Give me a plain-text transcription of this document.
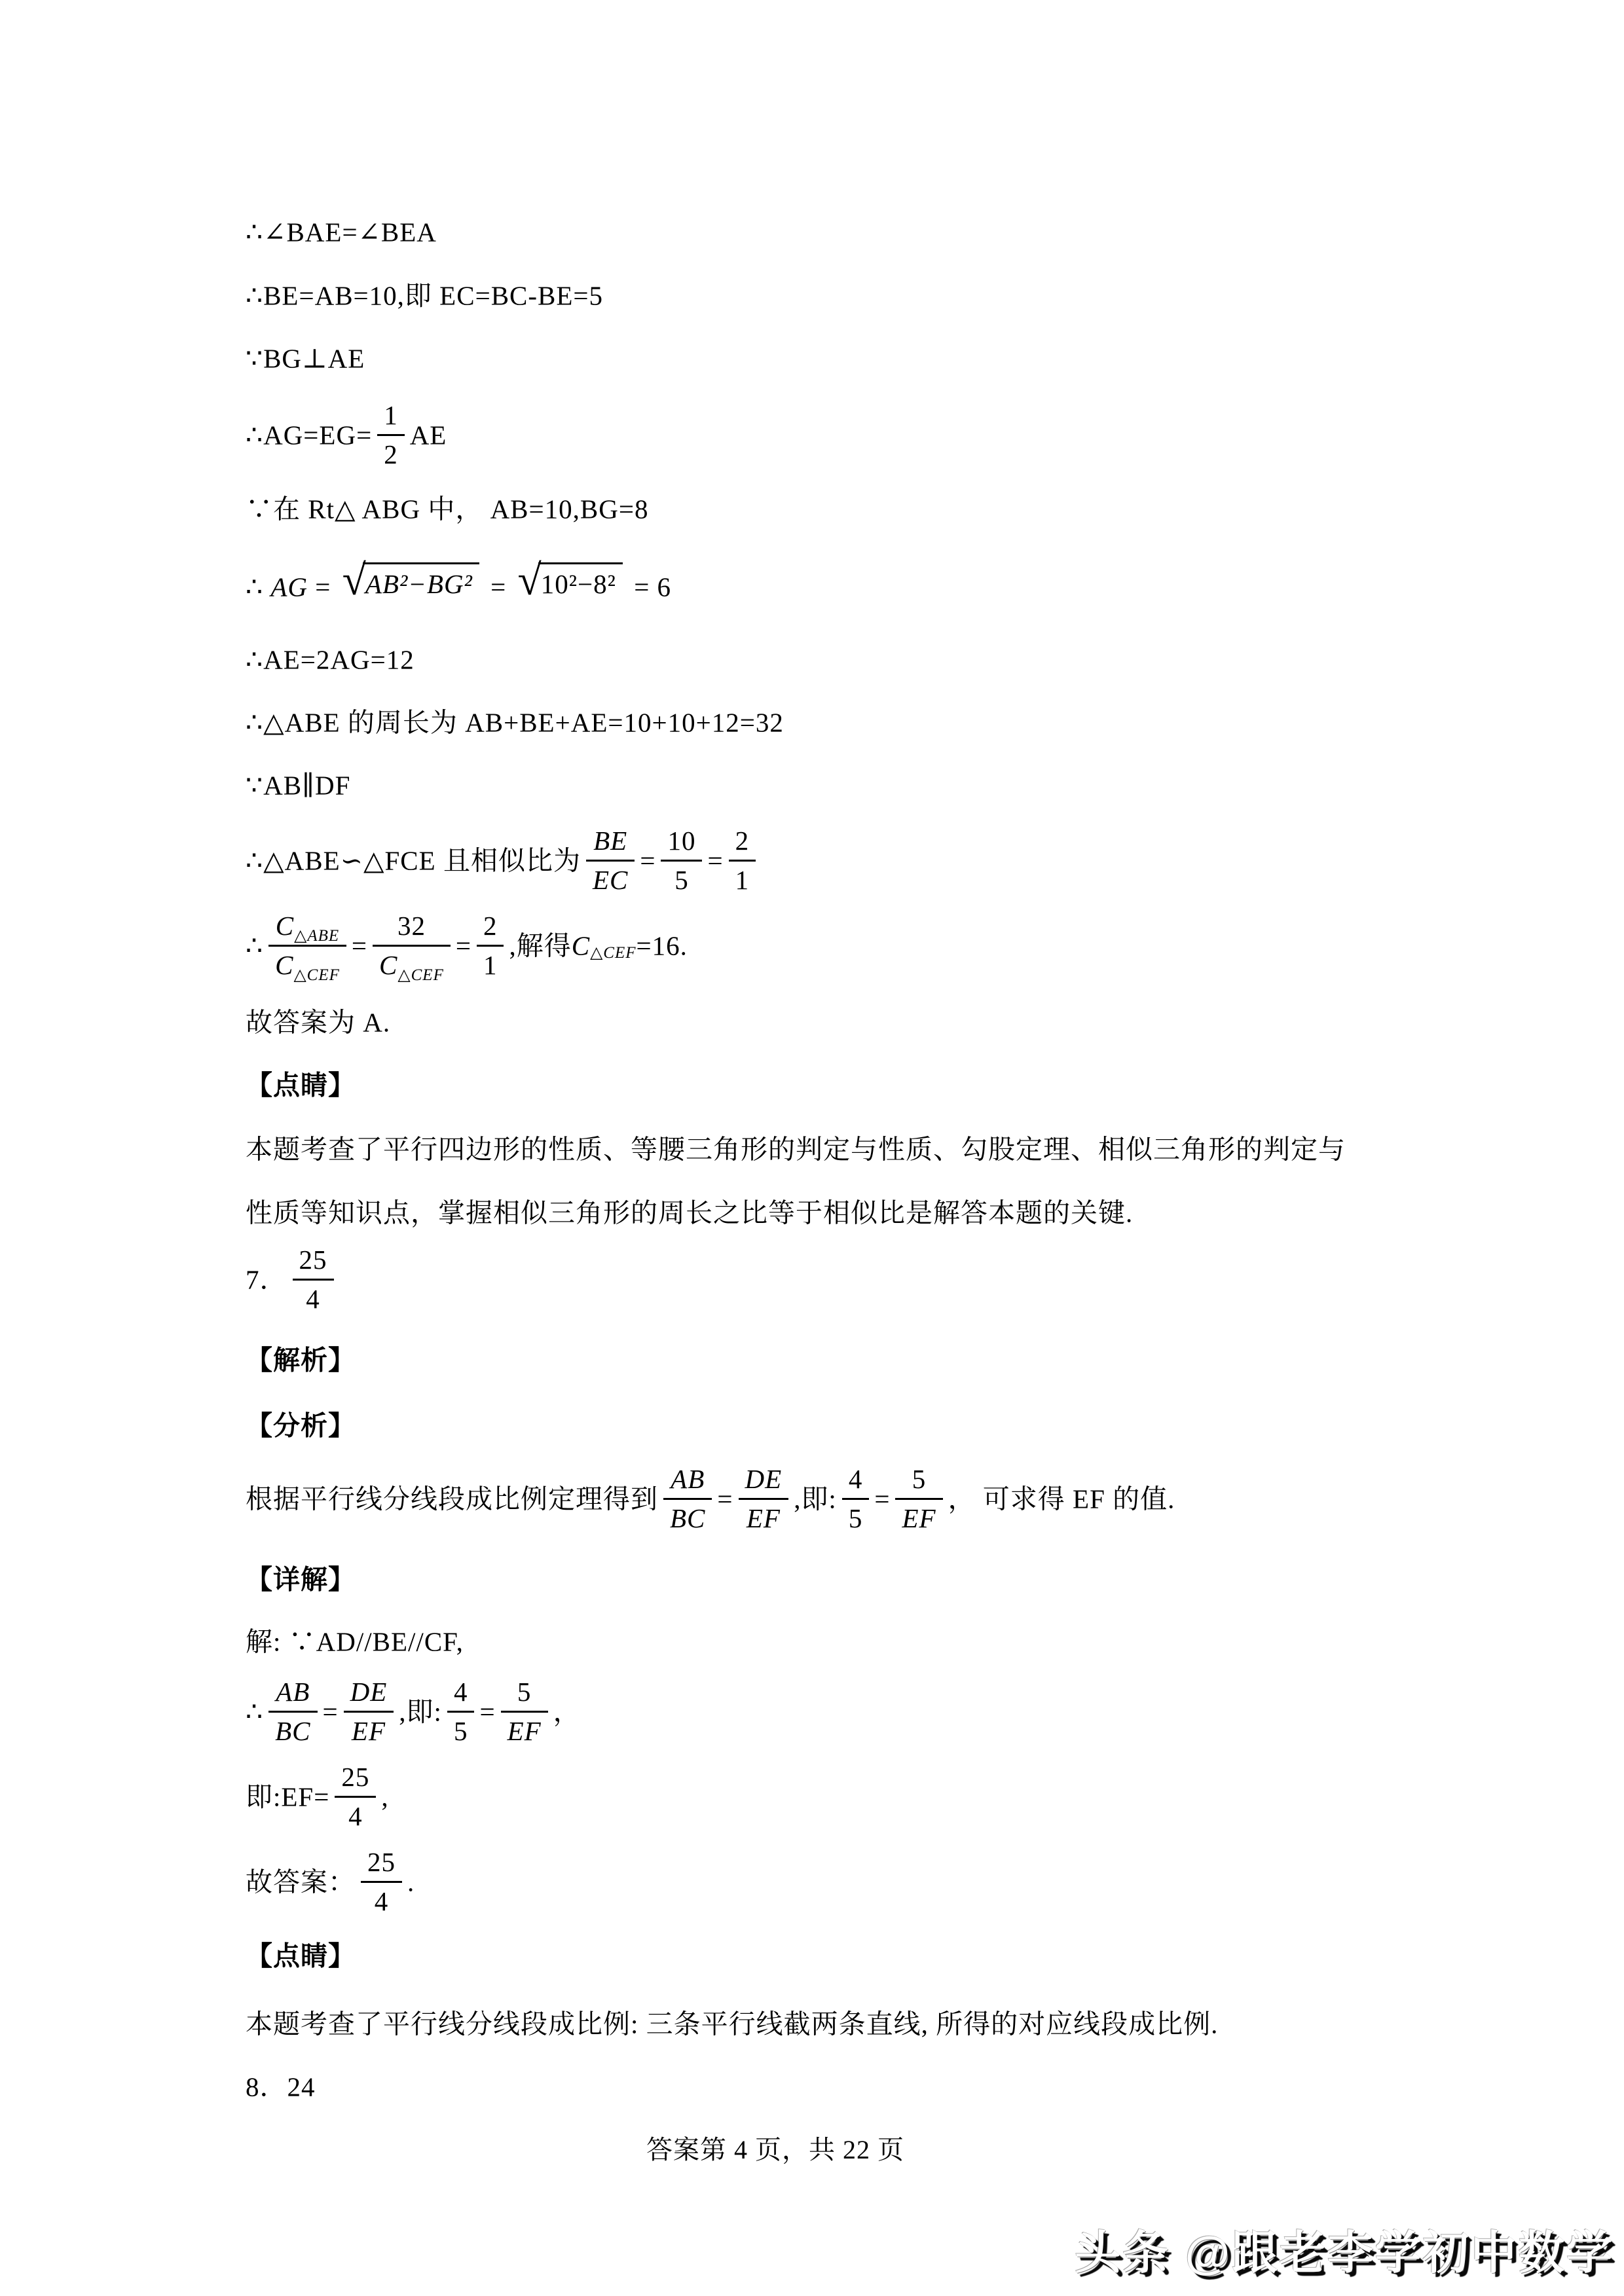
∴∠BAE=∠BEA
∴BE=AB=10,即 EC=BC-BE=5
∵BG⊥AE
∴AG=EG= $\frac{1}{2}$ AE
∵在 Rt△ ABG 中， AB=10,BG=8
∴ AG = √AB²−BG² = √10²−8² = 6
∴AE=2AG=12
∴△ABE 的周长为 AB+BE+AE=10+10+12=32
∵AB∥DF
∴△ABE∽△FCE 且相似比为 $\frac{BE}{EC} = \frac{10}{5} = \frac{2}{1}$
∴ $\frac{C_{\triangle ABE}}{C_{\triangle CEF}} = \frac{32}{C_{\triangle CEF}} = \frac{2}{1}$ ,解得$C_{\triangle CEF}=16$.
故答案为 A.
【点睛】
本题考查了平行四边形的性质、等腰三角形的判定与性质、勾股定理、相似三角形的判定与
性质等知识点，掌握相似三角形的周长之比等于相似比是解答本题的关键.
7． $\frac{25}{4}$
【解析】
【分析】
根据平行线分线段成比例定理得到 $\frac{AB}{BC} = \frac{DE}{EF}$ ,即: $\frac{4}{5} = \frac{5}{EF}$ ， 可求得 EF 的值.
【详解】
解: ∵AD//BE//CF,
∴ $\frac{AB}{BC} = \frac{DE}{EF}$ ,即: $\frac{4}{5} = \frac{5}{EF}$ ，
即:EF= $\frac{25}{4}$ ,
故答案： $\frac{25}{4}$ .
【点睛】
本题考查了平行线分线段成比例: 三条平行线截两条直线, 所得的对应线段成比例.
8．24
答案第 4 页，共 22 页
头条 @跟老李学初中数学
